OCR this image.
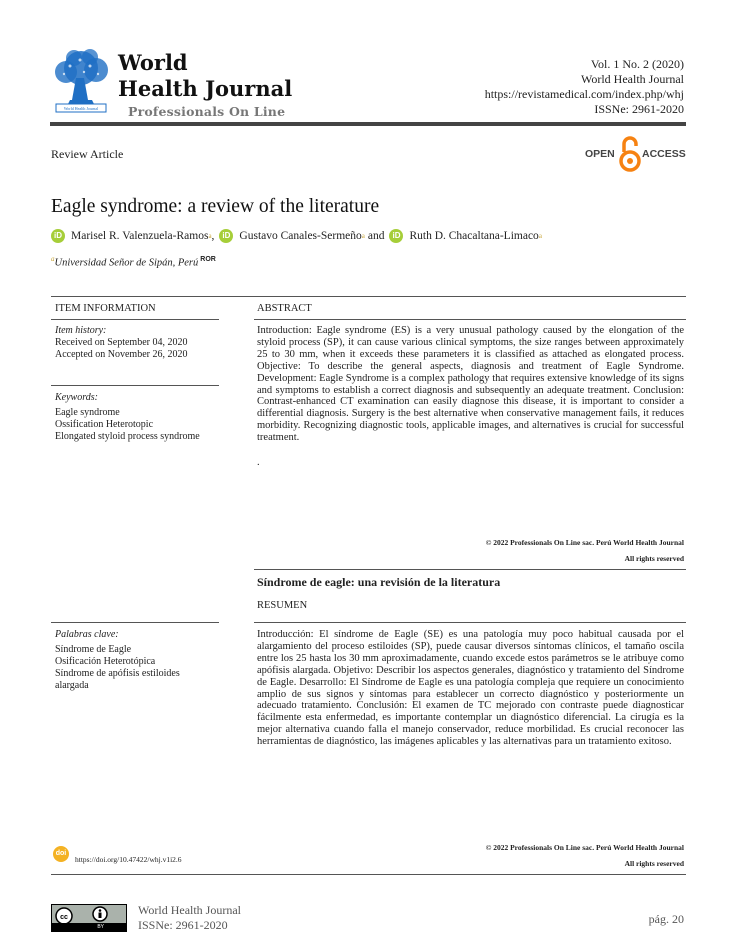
World Health Journal
World
Health Journal
Professionals On Line
Vol. 1 No. 2 (2020)
World Health Journal
https://revistamedical.com/index.php/whj
ISSNe: 2961-2020
Review Article	OPEN	ACCESS
Eagle syndrome: a review of the literature
iD Marisel R. Valenzuela-Ramos a ,	iD Gustavo Canales-Sermeño a and	iD Ruth D. Chacaltana-Limaco a
$^a$Universidad Señor de Sipán, Perú $^{ROR}$
ITEM INFORMATION	ABSTRACT
Item history:
Received on September 04, 2020
Accepted on November 26, 2020
Keywords:
Eagle syndrome
Ossification Heterotopic
Elongated styloid process syndrome
Introduction: Eagle syndrome (ES) is a very unusual pathology caused by the elongation of the styloid process (SP), it can cause various clinical symptoms, the size ranges between approximately 25 to 30 mm, when it exceeds these parameters it is classified as attached as elongated process. Objective: To describe the general aspects, diagnosis and treatment of Eagle Syndrome. Development: Eagle Syndrome is a complex pathology that requires extensive knowledge of its signs and symptoms to establish a correct diagnosis and subsequently an adequate treatment. Conclusion: Contrast-enhanced CT examination can easily diagnose this disease, it is important to consider a differential diagnosis. Surgery is the best alternative when conservative management fails, it reduces morbidity. Recognizing diagnostic tools, applicable images, and alternatives is crucial for successful treatment.
.
© 2022 Professionals On Line sac. Perú World Health Journal
All rights reserved
Síndrome de eagle: una revisión de la literatura
RESUMEN
Palabras clave:
Síndrome de Eagle
Osificación Heterotópica
Síndrome de apófisis estiloides alargada
Introducción: El síndrome de Eagle (SE) es una patología muy poco habitual causada por el alargamiento del proceso estiloides (SP), puede causar diversos síntomas clínicos, el tamaño oscila entre los 25 hasta los 30 mm aproximadamente, cuando excede estos parámetros se le atribuye como apófisis alargada. Objetivo: Describir los aspectos generales, diagnóstico y tratamiento del Síndrome de Eagle. Desarrollo: El Síndrome de Eagle es una patología compleja que requiere un conocimiento amplio de sus signos y síntomas para establecer un correcto diagnóstico y posteriormente un adecuado tratamiento. Conclusión: El examen de TC mejorado con contraste puede diagnosticar fácilmente esta enfermedad, es importante contemplar un diagnóstico diferencial. La cirugía es la mejor alternativa cuando falla el manejo conservador, reduce morbilidad. Es crucial reconocer las herramientas de diagnóstico, las imágenes aplicables y las alternativas para un tratamiento exitoso.
doi
https://doi.org/10.47422/whj.v1i2.6
© 2022 Professionals On Line sac. Perú World Health Journal
All rights reserved
cc
BY
World Health Journal
ISSNe: 2961-2020	pág. 20
